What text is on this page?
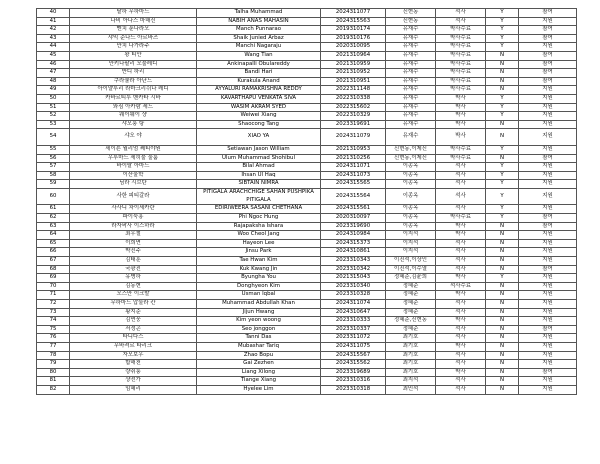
40	탈하 무하마드	Talha Muhammad	2024311077	신현동	석사	Y	참여
41	나비 아나스 마해신	NABIH ANAS MAHASIN	2024315563	신현동	석사	Y	지원
42	멘치 푼나라오	Manch Punnarao	2019310174	유재수	박사수료	Y	참여
43	샤익 준나드 아르바즈	Shaik Junied Arbaz	2019310176	유재수	박사수료	Y	참여
44	만치 나가라주	Manchi Nagaraju	2020310095	유재수	박사수료	Y	지원
45	왕 티안	Wang Tian	2021310964	유재수	박사수료	N	참여
46	안키나팔리 오불레디	Ankinapalli Obulareddy	2021310959	유재수	박사수료	N	참여
47	반디 하리	Bandi Hari	2021310952	유재수	박사수료	N	참여
48	쿠라쿨라 아난드	Kurakula Anand	2021310951	유재수	박사수료	N	참여
49	아이얄루리 라마크리쉬나 레디	AYYALURI RAMAKRISHNA REDDY	2022311148	유재수	박사수료	N	지원
50	카바르티투 벤카타 시바	KAVARTHAPU VENKATA SIVA	2022310338	유재수	박사	Y	지원
51	와심 아카람 세드	WASIM AKRAM SYED	2022315602	유재수	박사	Y	지원
52	웨이웨이 샹	Weiwei Xiang	2022310329	유재수	박사	Y	지원
53	샤오룽 탕	Shaocong Tang	2023319691	유재수	박사	N	지원
54	샤오 야	XIAO YA	2024311079	유재수	박사	N	지원
55	세이숀 윌리엄 쎄티야원	Setiawan Jason William	2021310953	신현동,이제신	박사수료	Y	지원
56	우루마드 세히불 울룸	Ulum Muhammad Shohibul	2021310256	신현동,이제신	박사수료	N	참여
57	바이랄 아마드	Bilal Ahmad	2024311071	이종옥	석사	Y	지원
58	이산울학	Ihsan Ul Haq	2024311073	이종옥	석사	Y	지원
59	님라 시브탄	SIBTAIN NIMRA	2024315565	이종옥	석사	Y	지원
60	사한 피티갈라	PITIGALA ARACHCHIGE SAHAN PUSHPIKA PITIGALA	2024315564	이종옥	석사	Y	지원
61	사사니 차이세카란	EDIRIWEERA SASANI CHETHANA	2024315561	이종옥	석사	Y	지원
62	파이눅흥	Phi Ngoc Hung	2020310097	이종옥	박사수료	Y	참여
63	라자팍사 이스하라	Rajapaksha Ishara	2023319690	이종옥	박사	N	참여
64	최우철	Woo Cheol Jang	2024310984	이지석	박사	N	지원
65	이희연	Hayeon Lee	2024315373	이지석	석사	N	지원
66	박진주	Jinsu Park	2024310861	이지석	석사	N	지원
67	김태훈	Tae Hwan Kim	2023310343	이진석,이상인	석사	N	지원
68	국광진	Kuk Kwang Jin	2023310342	이진석,이수열	석사	N	참여
69	유병하	Byungha You	2021315043	정혜준,김윤희	박사	Y	지원
70	김동현	Donghyeon Kim	2023310340	정혜준	석사수료	N	지원
71	오스만 이크발	Usman Iqbal	2023310328	정혜준	박사	N	지원
72	무하마드 압둘라 칸	Muhammad Abdullah Khan	2024311074	정혜준	석사	N	지원
73	황지준	Jijun Hwang	2024310647	정혜준	석사	N	지원
74	김연웅	Kim yeon woong	2023310333	정혜준,신현동	박사	N	지원
75	서정곤	Seo jonggon	2023310337	정혜준	석사	N	참여
76	타니다스	Tanni Das	2023311072	최기호	석사	N	지원
77	무바셔르 타리크	Mubashar Tariq	2024311075	최기호	박사	N	지원
78	자오보우	Zhao Bopu	2024315567	최기호	석사	N	지원
79	합해천	Gai Zezhen	2024315562	최기호	석사	N	지원
80	량쥐룽	Liang Xilong	2023319689	최기호	박사	N	참여
81	샹전가	Tiange Xiang	2023310316	최지석	석사	N	지원
82	임혜리	Hyelee Lim	2023310318	최민석	석사	N	지원
